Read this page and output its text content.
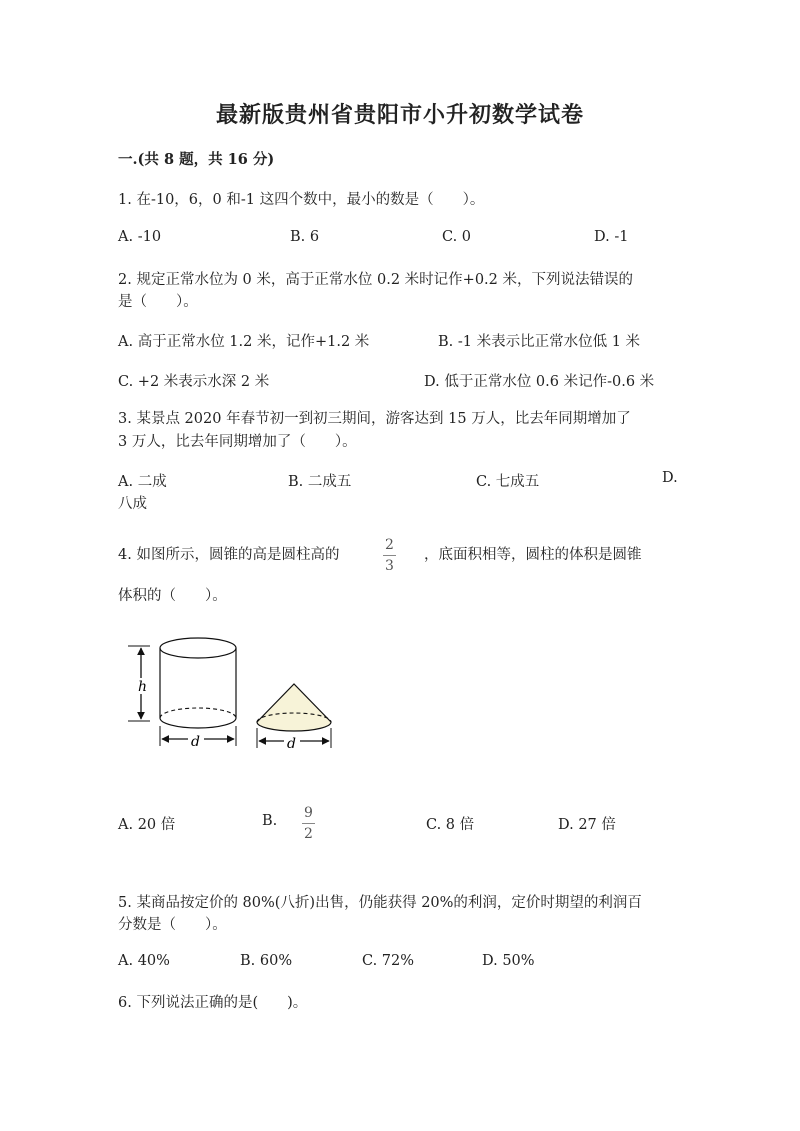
最新版贵州省贵阳市小升初数学试卷
一.(共 8 题，共 16 分)
1. 在-10，6，0 和-1 这四个数中，最小的数是（　　）。
A. -10	B. 6	C. 0	D. -1
2. 规定正常水位为 0 米，高于正常水位 0.2 米时记作+0.2 米，下列说法错误的
是（　　）。
A. 高于正常水位 1.2 米，记作+1.2 米	B. -1 米表示比正常水位低 1 米
C. +2 米表示水深 2 米	D. 低于正常水位 0.6 米记作-0.6 米
3. 某景点 2020 年春节初一到初三期间，游客达到 15 万人，比去年同期增加了
3 万人，比去年同期增加了（　　）。
A. 二成	B. 二成五	C. 七成五	D.
八成
4. 如图所示，圆锥的高是圆柱高的	$\frac{2}{3}$ ，底面积相等，圆柱的体积是圆锥
体积的（　　）。
h
d	d
A. 20 倍	B. $\frac{9}{2}$	C. 8 倍	D. 27 倍
5. 某商品按定价的 80%(八折)出售，仍能获得 20%的利润，定价时期望的利润百
分数是（　　）。
A. 40%	B. 60%	C. 72%	D. 50%
6. 下列说法正确的是(　　)。
